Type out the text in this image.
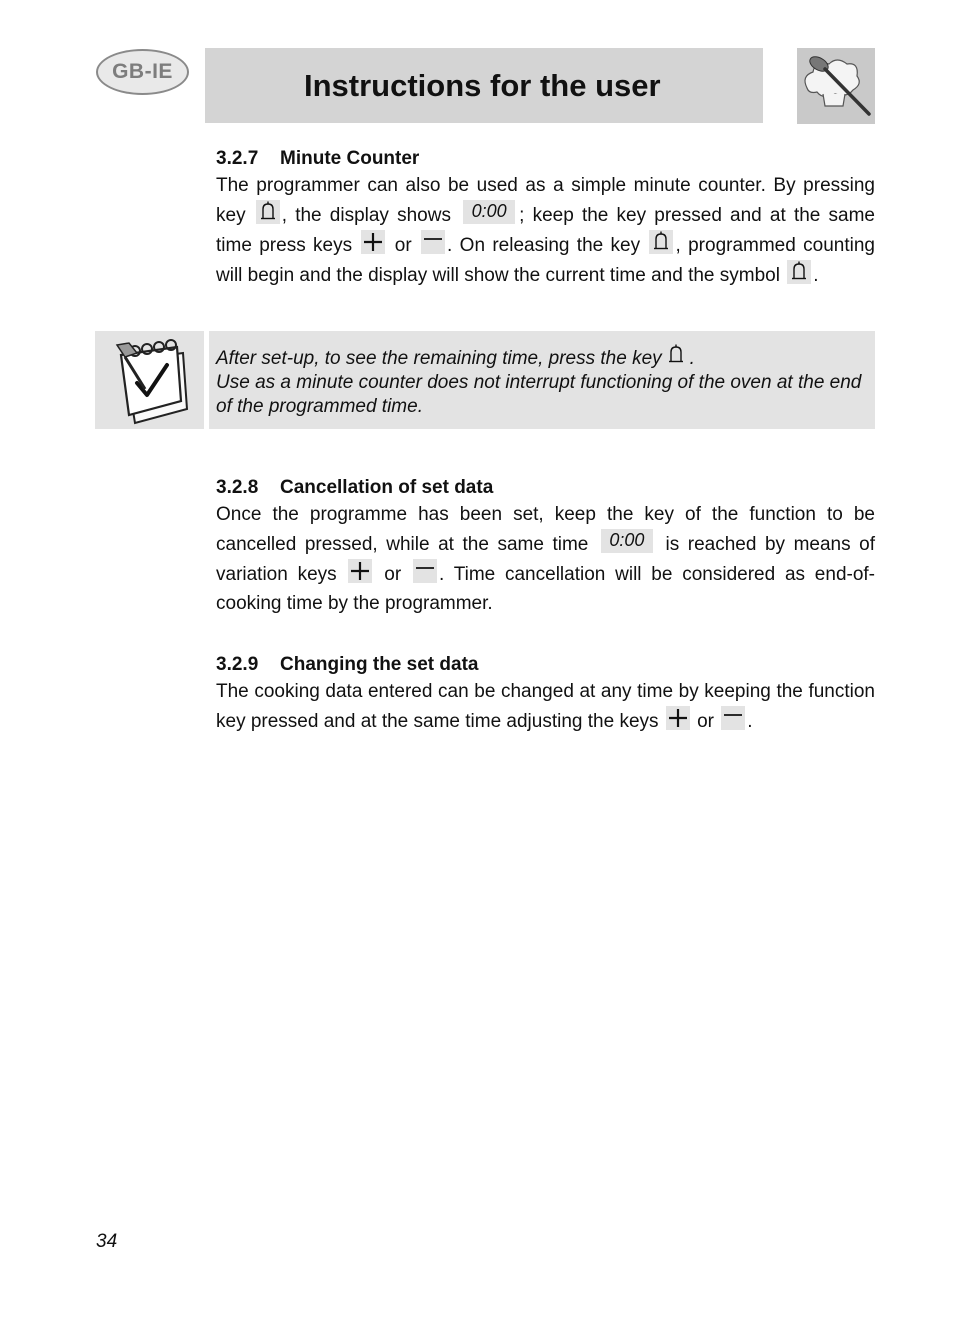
GB-IE	Instructions for the user
3.2.7 Minute Counter

The programmer can also be used as a simple minute counter. By pressing key , the display shows	0:00 ; keep the key pressed and at the same time press keys or . On releasing the key , programmed counting will begin and the display will show the current time and the symbol .

After set-up, to see the remaining time, press the key .

Use as a minute counter does not interrupt functioning of the oven at the end of the programmed time.

3.2.8 Cancellation of set data

Once the programme has been set, keep the key of the function to be cancelled pressed, while at the same time	0:00	is reached by means of variation keys	or . Time cancellation will be considered as end-of-cooking time by the programmer.

3.2.9 Changing the set data

The cooking data entered can be changed at any time by keeping the function key pressed and at the same time adjusting the keys or .

34
